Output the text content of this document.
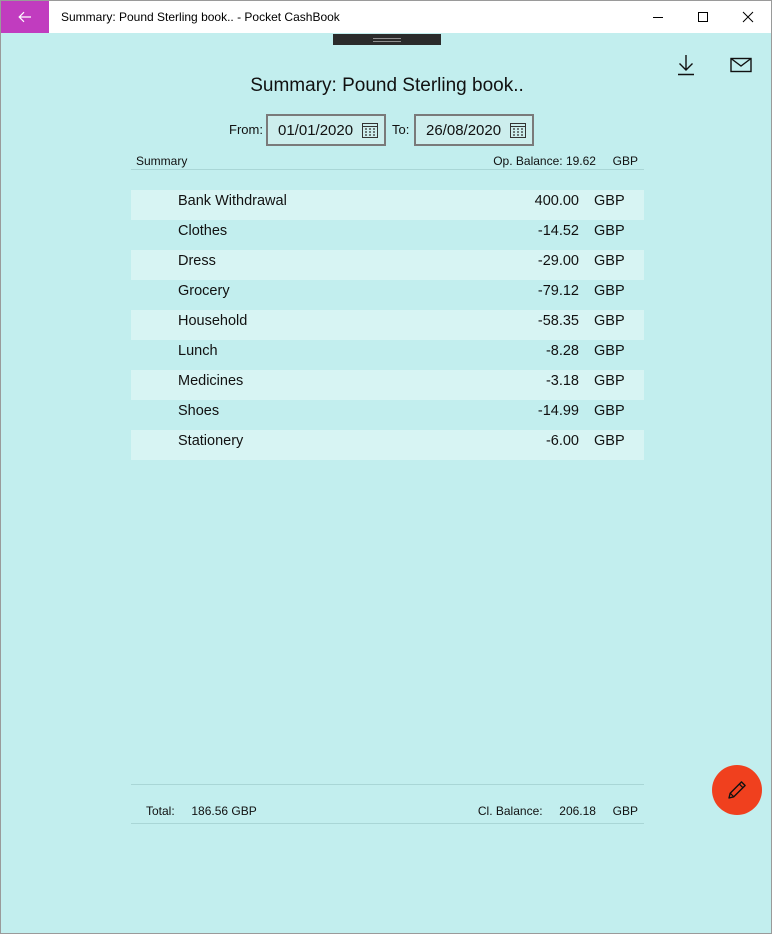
Summary: Pound Sterling book.. - Pocket CashBook
Summary: Pound Sterling book..
From: 01/01/2020	To: 26/08/2020
Summary	Op. Balance: 19.62 GBP
Bank Withdrawal	400.00 GBP
Clothes	-14.52 GBP
Dress	-29.00 GBP
Grocery	-79.12 GBP
Household	-58.35 GBP
Lunch	-8.28 GBP
Medicines	-3.18 GBP
Shoes	-14.99 GBP
Stationery	-6.00 GBP
Total: 186.56 GBP	Cl. Balance: 206.18 GBP
